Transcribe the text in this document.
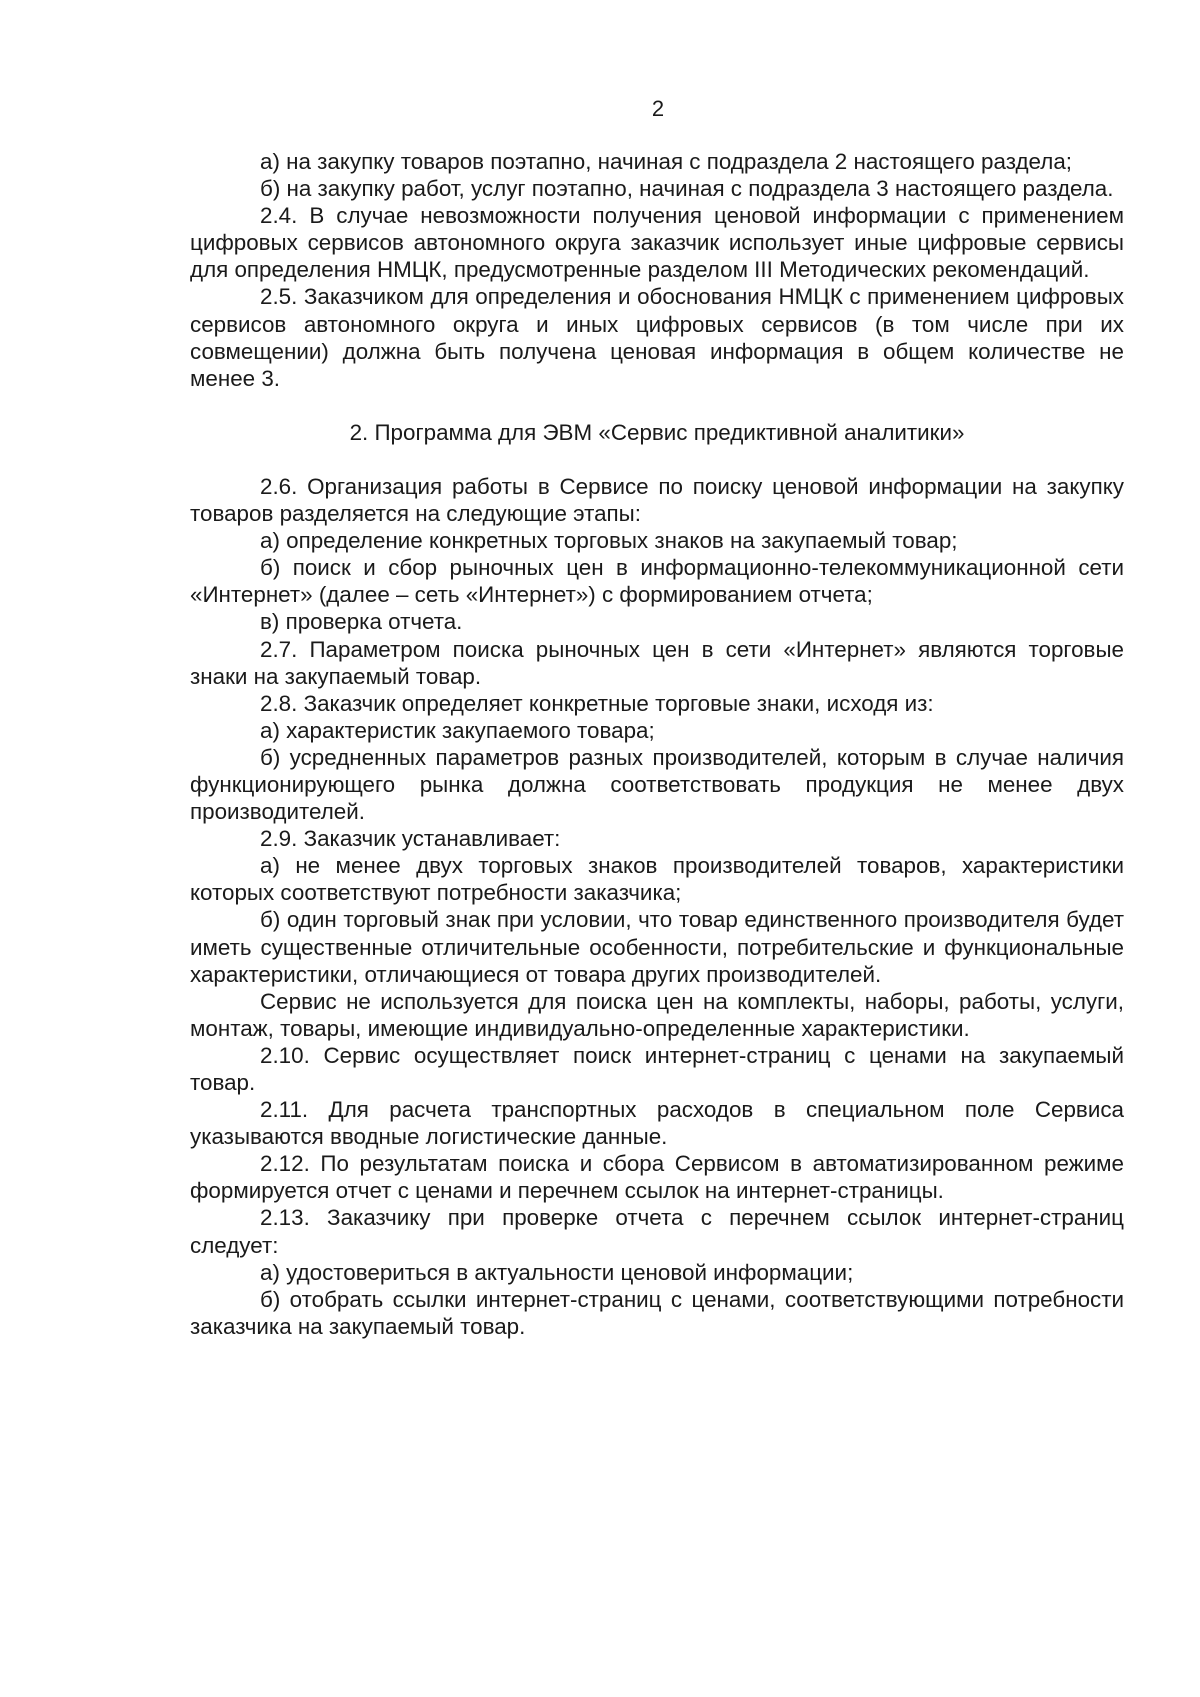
2

а) на закупку товаров поэтапно, начиная с подраздела 2 настоящего раздела;

б) на закупку работ, услуг поэтапно, начиная с подраздела 3 настоящего раздела.

2.4. В случае невозможности получения ценовой информации с применением цифровых сервисов автономного округа заказчик использует иные цифровые сервисы для определения НМЦК, предусмотренные разделом III Методических рекомендаций.

2.5. Заказчиком для определения и обоснования НМЦК с применением цифровых сервисов автономного округа и иных цифровых сервисов (в том числе при их совмещении) должна быть получена ценовая информация в общем количестве не менее 3.

2. Программа для ЭВМ «Сервис предиктивной аналитики»

2.6. Организация работы в Сервисе по поиску ценовой информации на закупку товаров разделяется на следующие этапы:

а) определение конкретных торговых знаков на закупаемый товар;

б) поиск и сбор рыночных цен в информационно-телекоммуникационной сети «Интернет» (далее – сеть «Интернет») с формированием отчета;

в) проверка отчета.

2.7. Параметром поиска рыночных цен в сети «Интернет» являются торговые знаки на закупаемый товар.

2.8. Заказчик определяет конкретные торговые знаки, исходя из:

а) характеристик закупаемого товара;

б) усредненных параметров разных производителей, которым в случае наличия функционирующего рынка должна соответствовать продукция не менее двух производителей.

2.9. Заказчик устанавливает:

а) не менее двух торговых знаков производителей товаров, характеристики которых соответствуют потребности заказчика;

б) один торговый знак при условии, что товар единственного производителя будет иметь существенные отличительные особенности, потребительские и функциональные характеристики, отличающиеся от товара других производителей.

Сервис не используется для поиска цен на комплекты, наборы, работы, услуги, монтаж, товары, имеющие индивидуально-определенные характеристики.

2.10. Сервис осуществляет поиск интернет-страниц с ценами на закупаемый товар.

2.11. Для расчета транспортных расходов в специальном поле Сервиса указываются вводные логистические данные.

2.12. По результатам поиска и сбора Сервисом в автоматизированном режиме формируется отчет с ценами и перечнем ссылок на интернет-страницы.

2.13. Заказчику при проверке отчета с перечнем ссылок интернет-страниц следует:

а) удостовериться в актуальности ценовой информации;

б) отобрать ссылки интернет-страниц с ценами, соответствующими потребности заказчика на закупаемый товар.
